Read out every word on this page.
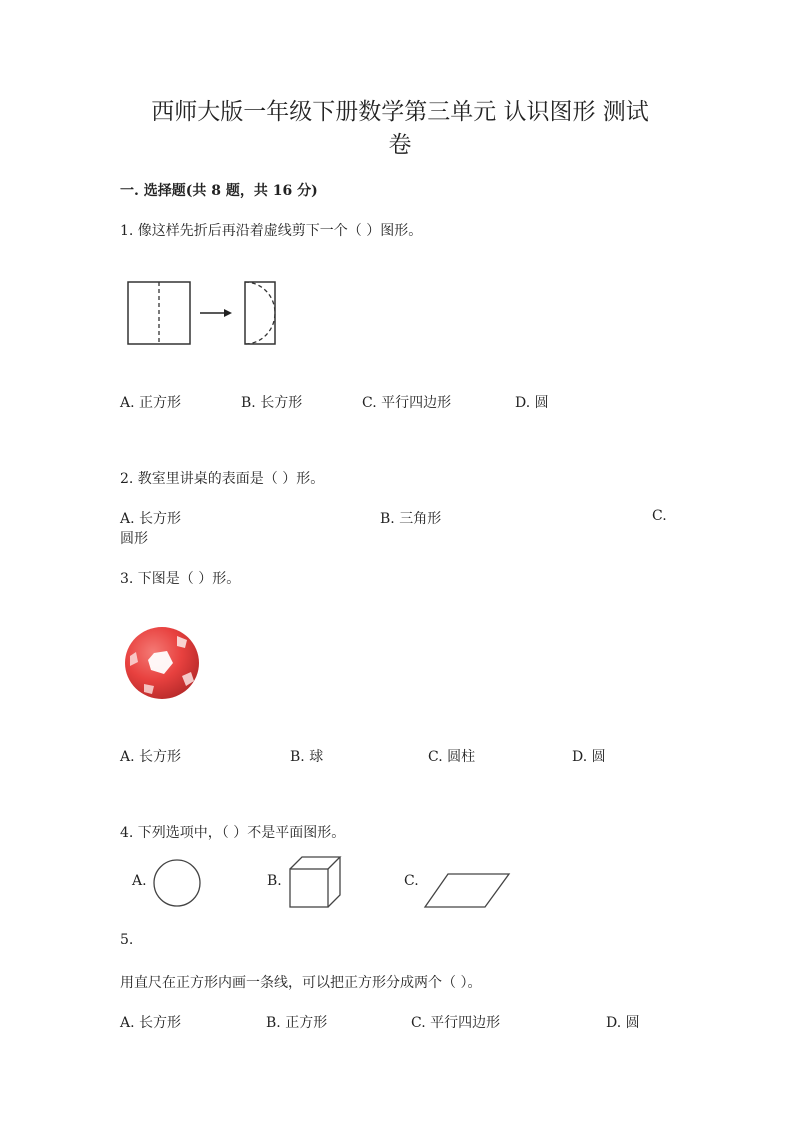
西师大版一年级下册数学第三单元 认识图形 测试
卷
一. 选择题(共 8 题，共 16 分)
1. 像这样先折后再沿着虚线剪下一个（ ）图形。
A. 正方形	B. 长方形	C. 平行四边形	D. 圆
2. 教室里讲桌的表面是（ ）形。
A. 长方形	B. 三角形	C.
圆形
3. 下图是（ ）形。
A. 长方形	B. 球	C. 圆柱	D. 圆
4. 下列选项中，（ ）不是平面图形。
A.	B.	C.
5.
用直尺在正方形内画一条线，可以把正方形分成两个（ ）。
A. 长方形	B. 正方形	C. 平行四边形	D. 圆
